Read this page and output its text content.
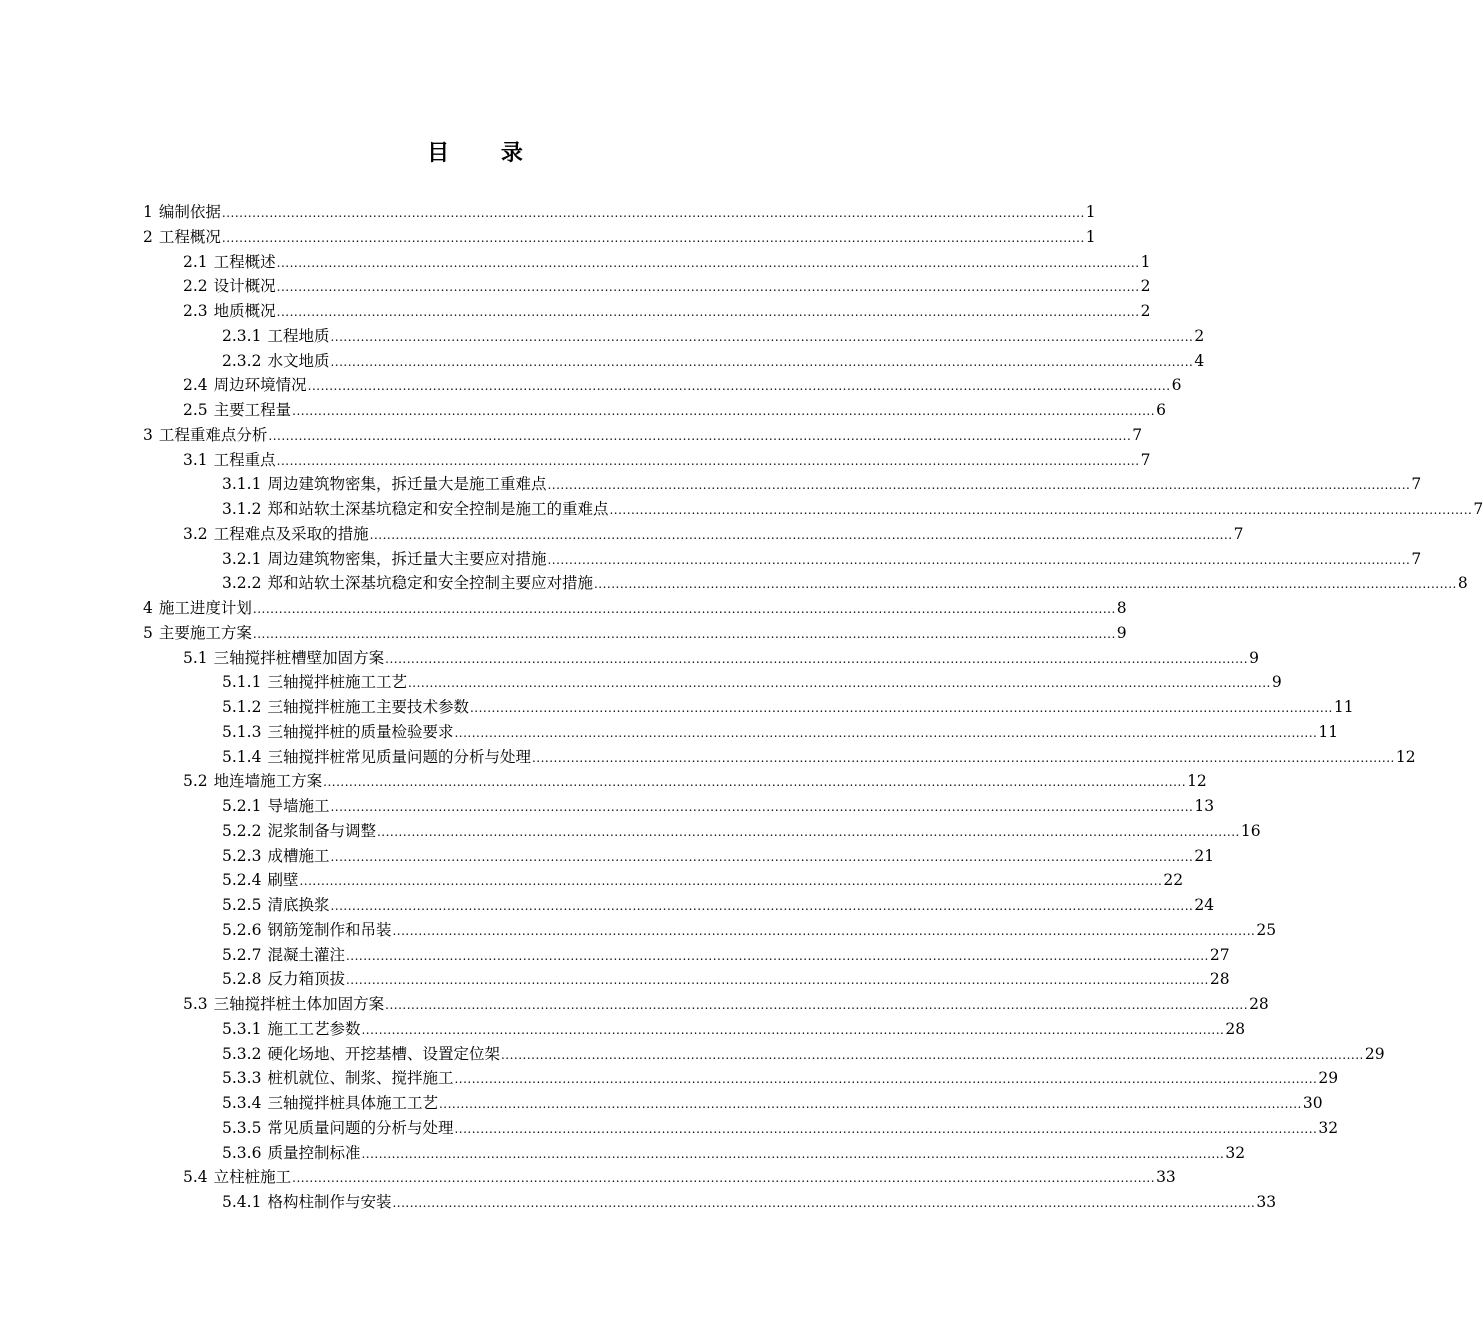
目 录
1 编制依据 ........................................................................................................................................................................................................ 1
2 工程概况 ........................................................................................................................................................................................................ 1
2.1 工程概述 ........................................................................................................................................................................................................ 1
2.2 设计概况 ........................................................................................................................................................................................................ 2
2.3 地质概况 ........................................................................................................................................................................................................ 2
2.3.1 工程地质 ........................................................................................................................................................................................................ 2
2.3.2 水文地质 ........................................................................................................................................................................................................ 4
2.4 周边环境情况 ........................................................................................................................................................................................................ 6
2.5 主要工程量 ........................................................................................................................................................................................................ 6
3 工程重难点分析 ........................................................................................................................................................................................................ 7
3.1 工程重点 ........................................................................................................................................................................................................ 7
3.1.1 周边建筑物密集，拆迁量大是施工重难点 ........................................................................................................................................................................................................ 7
3.1.2 郑和站软土深基坑稳定和安全控制是施工的重难点 ........................................................................................................................................................................................................ 7
3.2 工程难点及采取的措施 ........................................................................................................................................................................................................ 7
3.2.1 周边建筑物密集，拆迁量大主要应对措施 ........................................................................................................................................................................................................ 7
3.2.2 郑和站软土深基坑稳定和安全控制主要应对措施 ........................................................................................................................................................................................................ 8
4 施工进度计划 ........................................................................................................................................................................................................ 8
5 主要施工方案 ........................................................................................................................................................................................................ 9
5.1 三轴搅拌桩槽壁加固方案 ........................................................................................................................................................................................................ 9
5.1.1 三轴搅拌桩施工工艺 ........................................................................................................................................................................................................ 9
5.1.2 三轴搅拌桩施工主要技术参数 ........................................................................................................................................................................................................ 11
5.1.3 三轴搅拌桩的质量检验要求 ........................................................................................................................................................................................................ 11
5.1.4 三轴搅拌桩常见质量问题的分析与处理 ........................................................................................................................................................................................................ 12
5.2 地连墙施工方案 ........................................................................................................................................................................................................ 12
5.2.1 导墙施工 ........................................................................................................................................................................................................ 13
5.2.2 泥浆制备与调整 ........................................................................................................................................................................................................ 16
5.2.3 成槽施工 ........................................................................................................................................................................................................ 21
5.2.4 刷壁 ........................................................................................................................................................................................................ 22
5.2.5 清底换浆 ........................................................................................................................................................................................................ 24
5.2.6 钢筋笼制作和吊装 ........................................................................................................................................................................................................ 25
5.2.7 混凝土灌注 ........................................................................................................................................................................................................ 27
5.2.8 反力箱顶拔 ........................................................................................................................................................................................................ 28
5.3 三轴搅拌桩土体加固方案 ........................................................................................................................................................................................................ 28
5.3.1 施工工艺参数 ........................................................................................................................................................................................................ 28
5.3.2 硬化场地、开挖基槽、设置定位架 ........................................................................................................................................................................................................ 29
5.3.3 桩机就位、制浆、搅拌施工 ........................................................................................................................................................................................................ 29
5.3.4 三轴搅拌桩具体施工工艺 ........................................................................................................................................................................................................ 30
5.3.5 常见质量问题的分析与处理 ........................................................................................................................................................................................................ 32
5.3.6 质量控制标准 ........................................................................................................................................................................................................ 32
5.4 立柱桩施工 ........................................................................................................................................................................................................ 33
5.4.1 格构柱制作与安装 ........................................................................................................................................................................................................ 33
